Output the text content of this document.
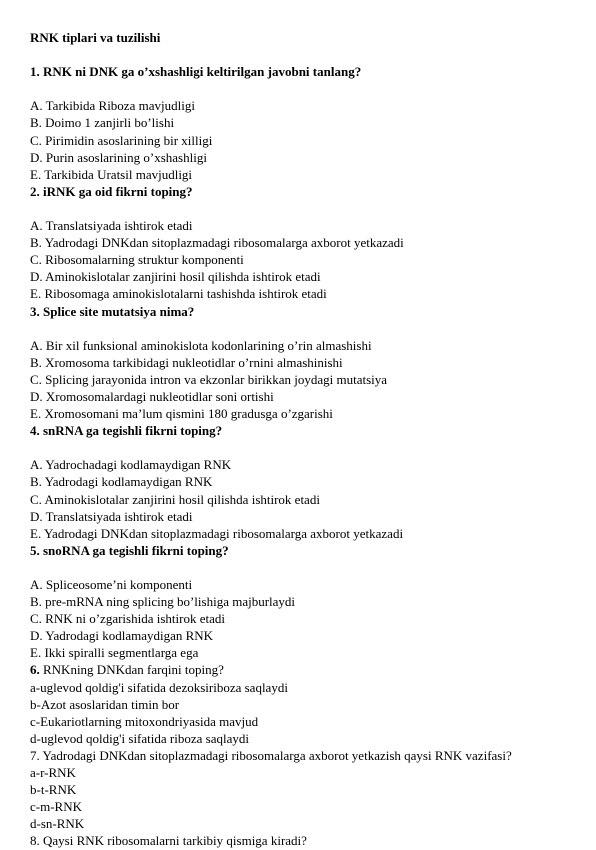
RNK tiplari va tuzilishi
1. RNK ni DNK ga o’xshashligi keltirilgan javobni tanlang?
A. Tarkibida Riboza mavjudligi
B. Doimo 1 zanjirli bo’lishi
C. Pirimidin asoslarining bir xilligi
D. Purin asoslarining o’xshashligi
E. Tarkibida Uratsil mavjudligi
2. iRNK ga oid fikrni toping?
A. Translatsiyada ishtirok etadi
B. Yadrodagi DNKdan sitoplazmadagi ribosomalarga axborot yetkazadi
C. Ribosomalarning struktur komponenti
D. Aminokislotalar zanjirini hosil qilishda ishtirok etadi
E. Ribosomaga aminokislotalarni tashishda ishtirok etadi
3. Splice site mutatsiya nima?
A. Bir xil funksional aminokislota kodonlarining o’rin almashishi
B. Xromosoma tarkibidagi nukleotidlar o’rnini almashinishi
C. Splicing jarayonida intron va ekzonlar birikkan joydagi mutatsiya
D. Xromosomalardagi nukleotidlar soni ortishi
E. Xromosomani ma’lum qismini 180 gradusga o’zgarishi
4. snRNA ga tegishli fikrni toping?
A. Yadrochadagi kodlamaydigan RNK
B. Yadrodagi kodlamaydigan RNK
C. Aminokislotalar zanjirini hosil qilishda ishtirok etadi
D. Translatsiyada ishtirok etadi
E. Yadrodagi DNKdan sitoplazmadagi ribosomalarga axborot yetkazadi
5. snoRNA ga tegishli fikrni toping?
A. Spliceosome’ni komponenti
B. pre-mRNA ning splicing bo’lishiga majburlaydi
C. RNK ni o’zgarishida ishtirok etadi
D. Yadrodagi kodlamaydigan RNK
E. Ikki spiralli segmentlarga ega
6. RNKning DNKdan farqini toping?
a-uglevod qoldig'i sifatida dezoksiriboza saqlaydi
b-Azot asoslaridan timin bor
c-Eukariotlarning mitoxondriyasida mavjud
d-uglevod qoldig'i sifatida riboza saqlaydi
7. Yadrodagi DNKdan sitoplazmadagi ribosomalarga axborot yetkazish qaysi RNK vazifasi?
a-r-RNK
b-t-RNK
c-m-RNK
d-sn-RNK
8. Qaysi RNK ribosomalarni tarkibiy qismiga kiradi?
